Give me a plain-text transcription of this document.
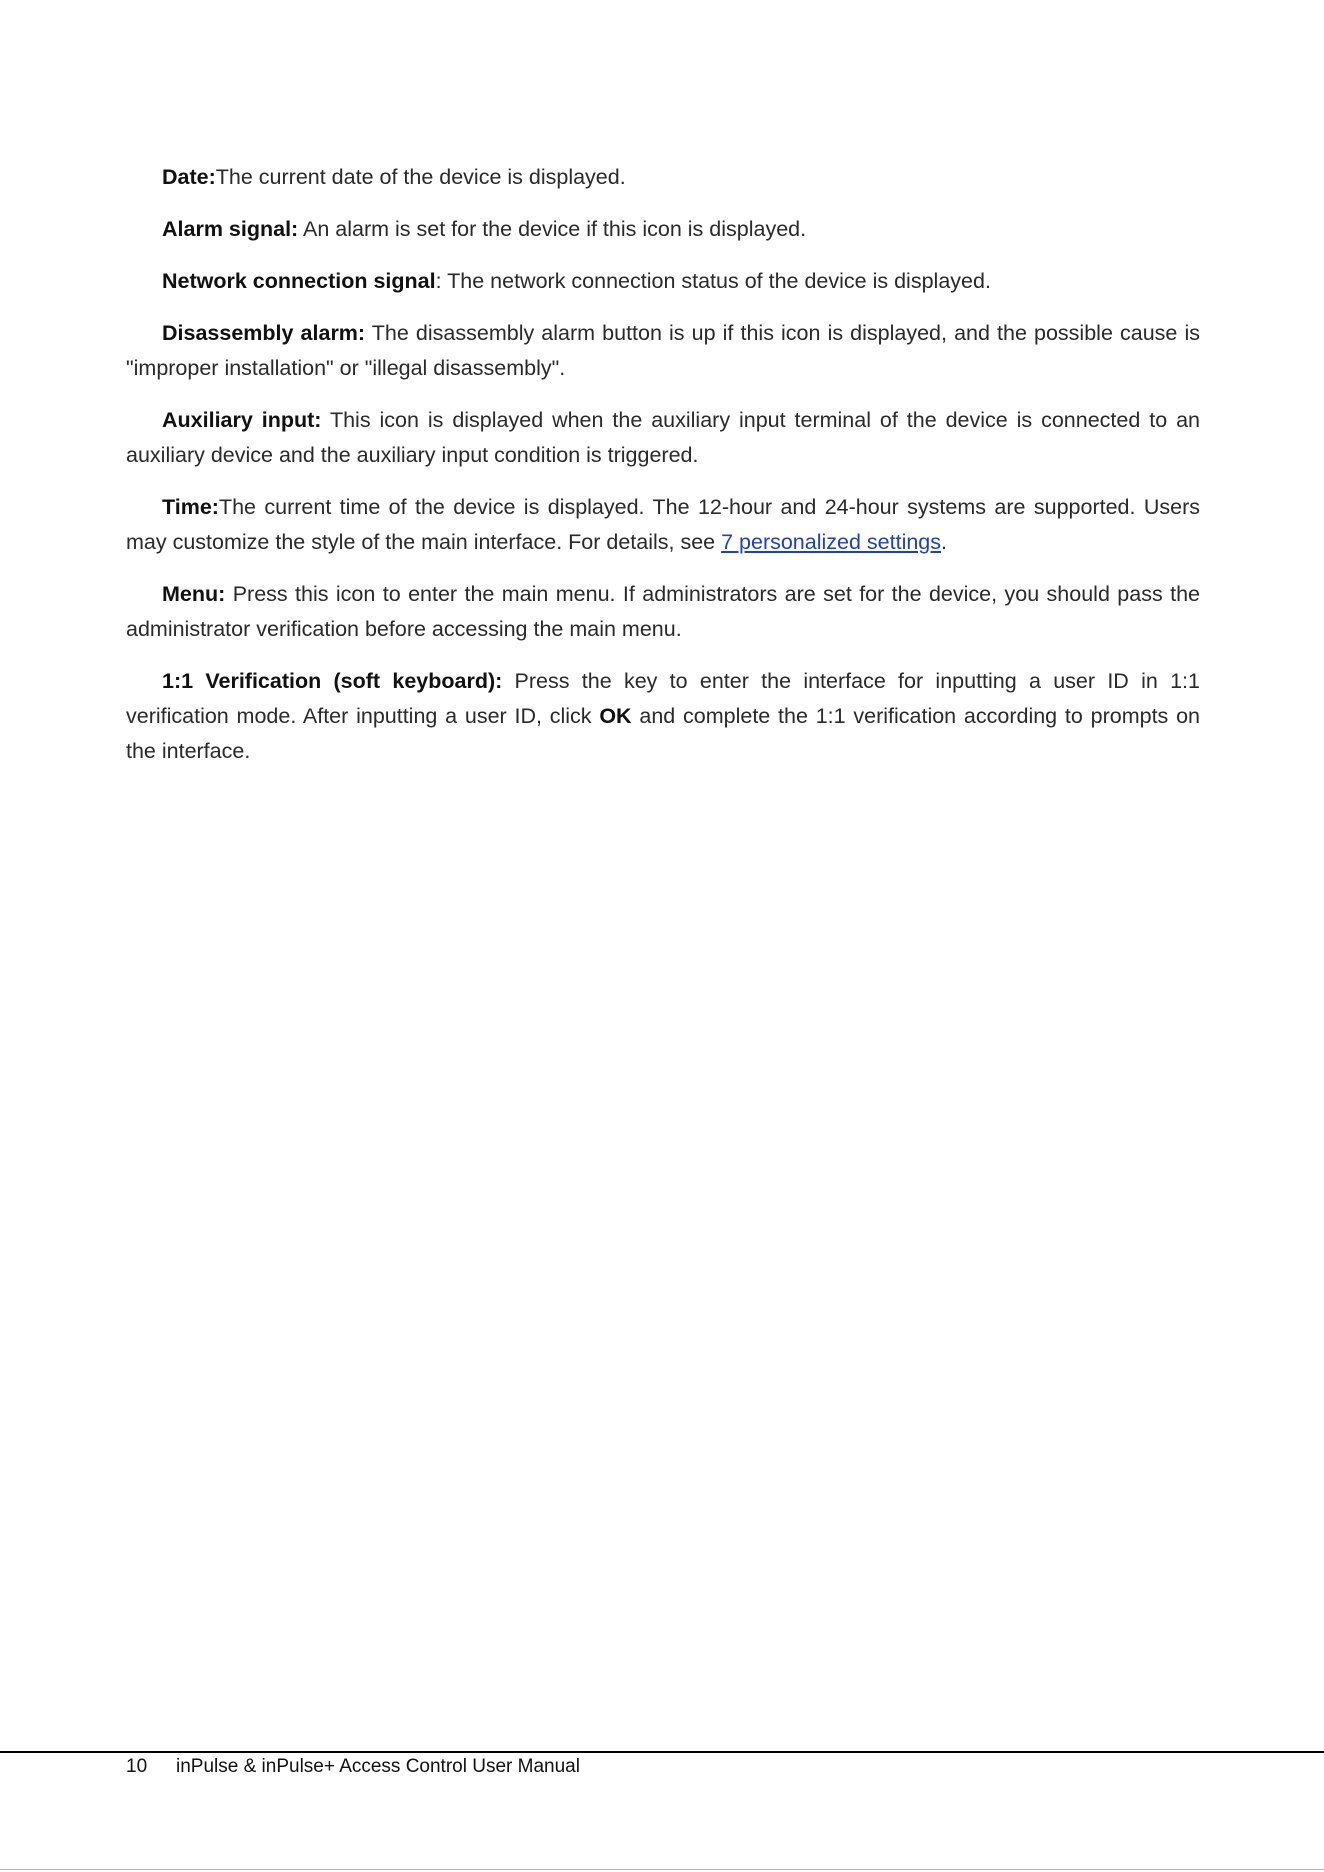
Date:The current date of the device is displayed.

Alarm signal: An alarm is set for the device if this icon is displayed.

Network connection signal: The network connection status of the device is displayed.

Disassembly alarm: The disassembly alarm button is up if this icon is displayed, and the possible cause is "improper installation" or "illegal disassembly".

Auxiliary input: This icon is displayed when the auxiliary input terminal of the device is connected to an auxiliary device and the auxiliary input condition is triggered.

Time:The current time of the device is displayed. The 12-hour and 24-hour systems are supported. Users may customize the style of the main interface. For details, see 7 personalized settings.

Menu: Press this icon to enter the main menu. If administrators are set for the device, you should pass the administrator verification before accessing the main menu.

1:1 Verification (soft keyboard): Press the key to enter the interface for inputting a user ID in 1:1 verification mode. After inputting a user ID, click OK and complete the 1:1 verification according to prompts on the interface.

10 inPulse & inPulse+ Access Control User Manual
